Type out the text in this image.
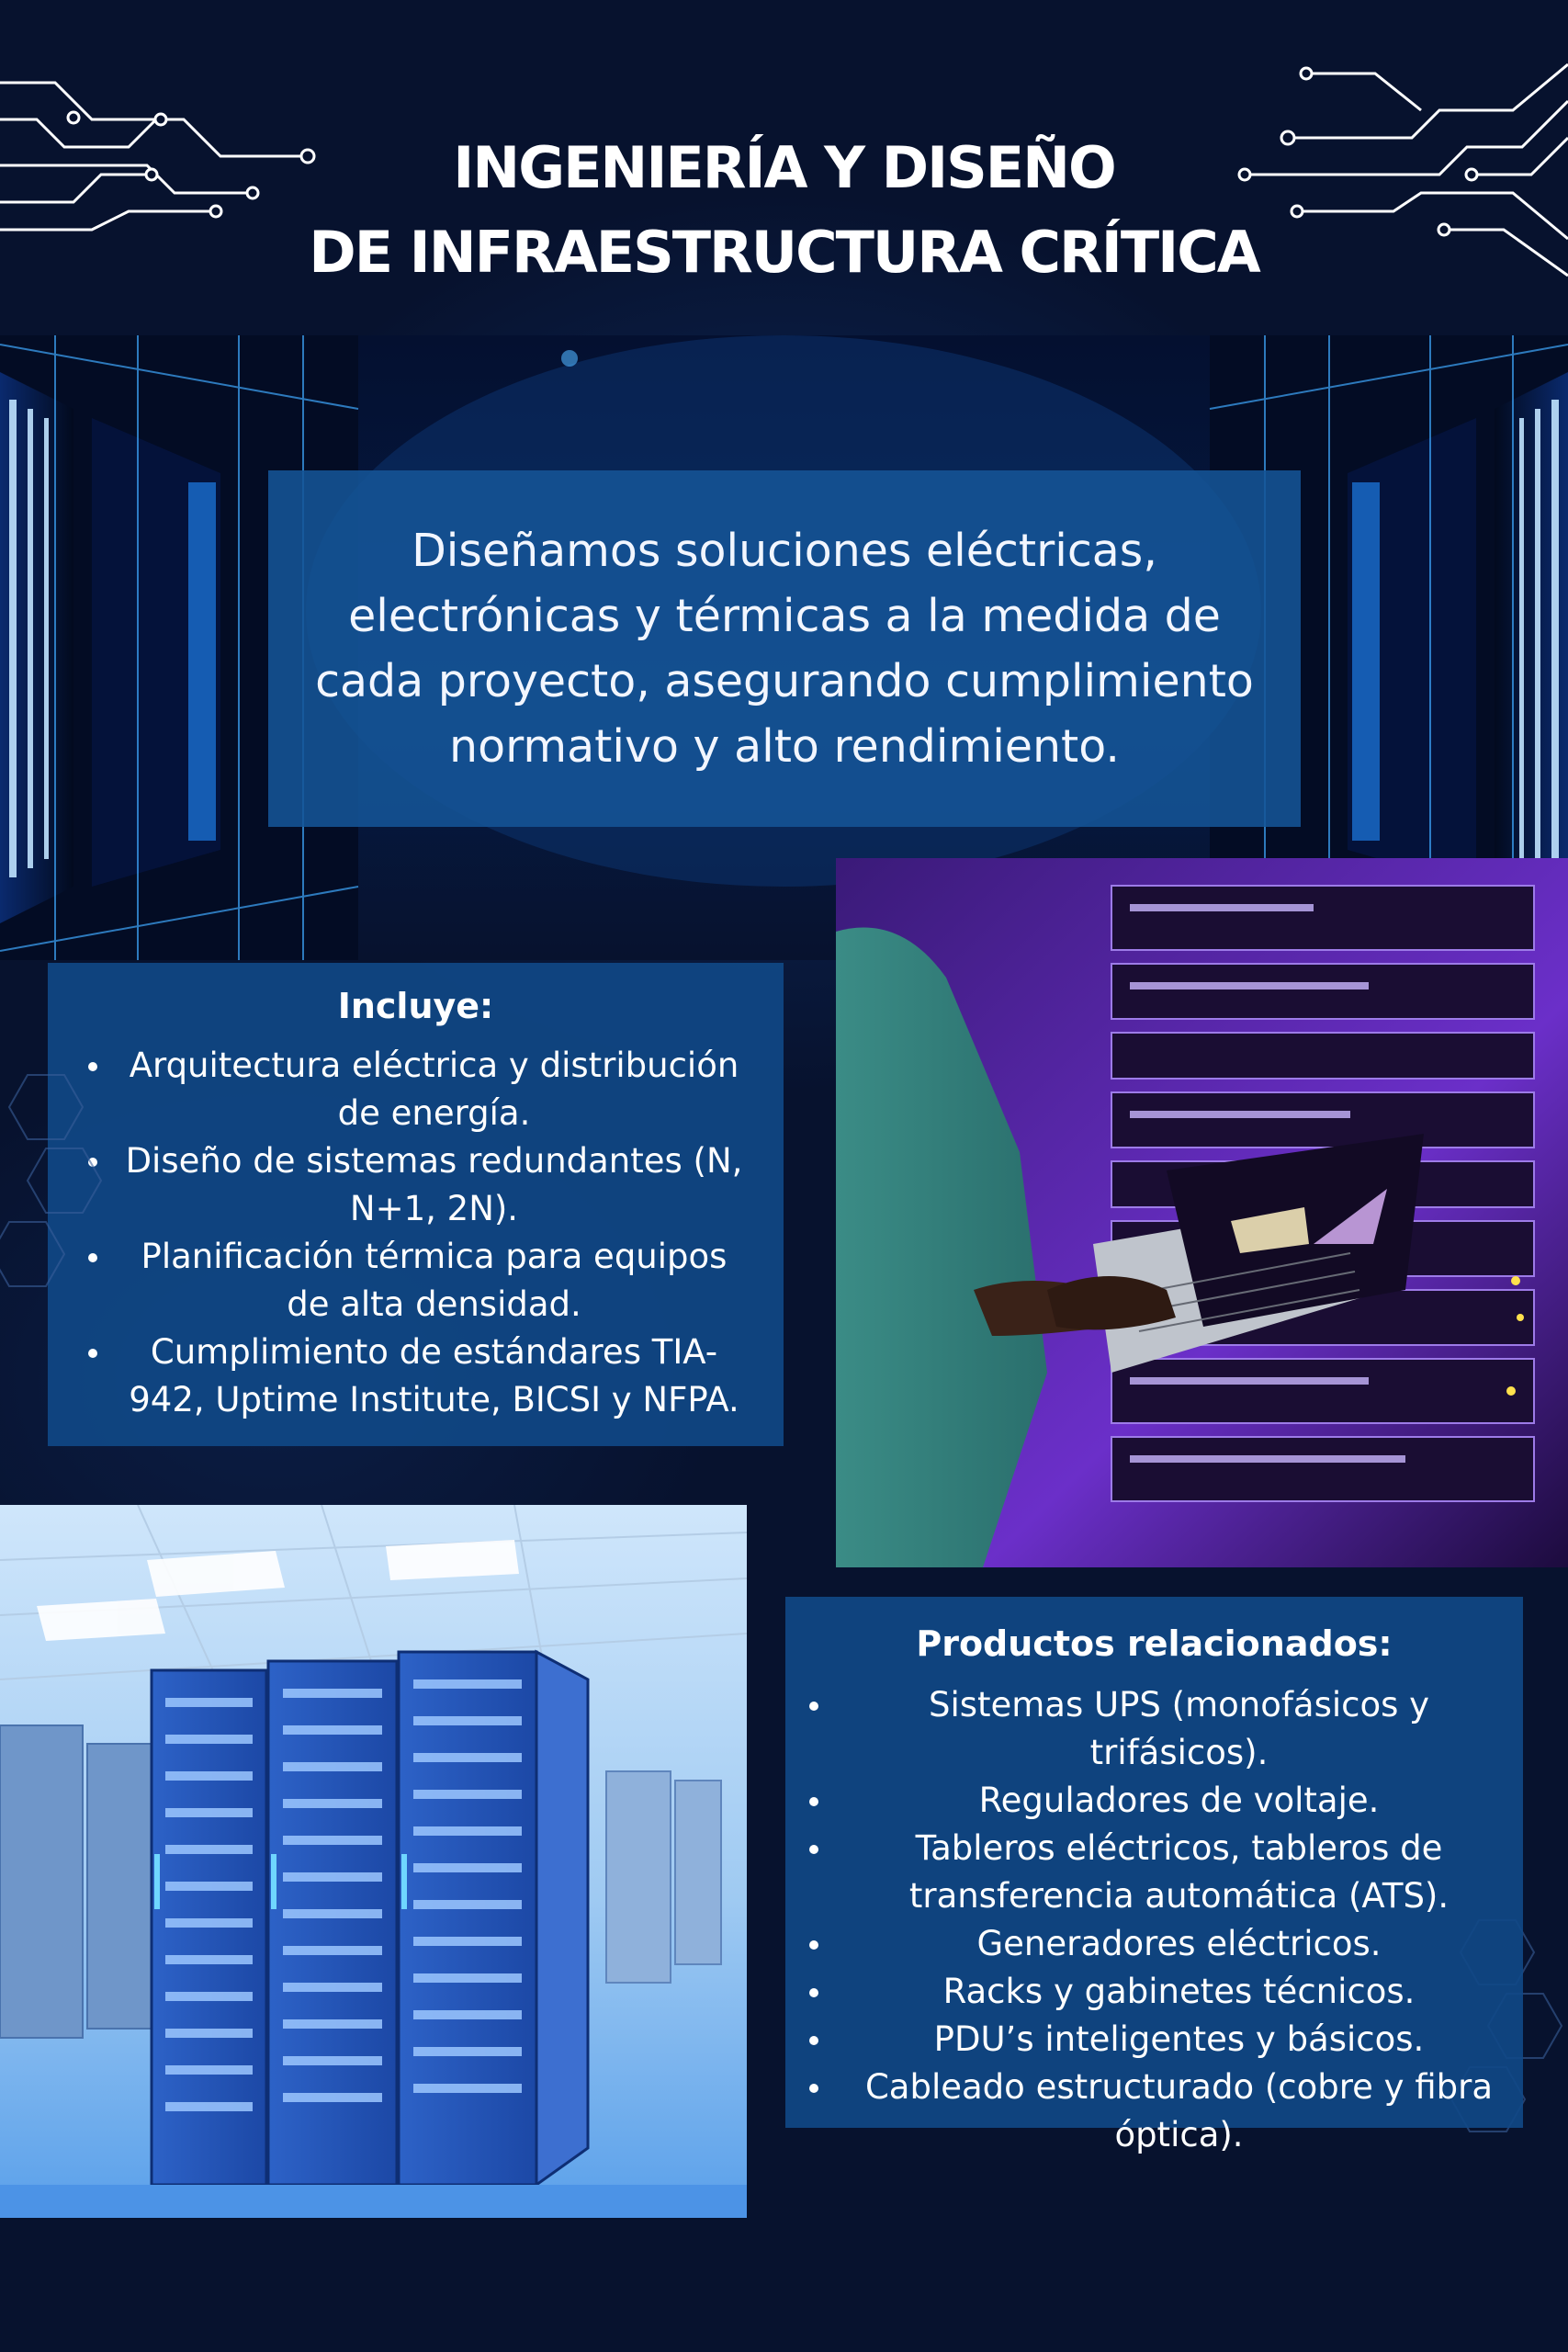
INGENIERÍA Y DISEÑO
DE INFRAESTRUCTURA CRÍTICA

Diseñamos soluciones eléctricas, electrónicas y térmicas a la medida de cada proyecto, asegurando cumplimiento normativo y alto rendimiento.

Incluye:
Arquitectura eléctrica y distribución de energía.
Diseño de sistemas redundantes (N, N+1, 2N).
Planificación térmica para equipos de alta densidad.
Cumplimiento de estándares TIA-942, Uptime Institute, BICSI y NFPA.
Productos relacionados:
Sistemas UPS (monofásicos y trifásicos).
Reguladores de voltaje.
Tableros eléctricos, tableros de transferencia automática (ATS).
Generadores eléctricos.
Racks y gabinetes técnicos.
PDU’s inteligentes y básicos.
Cableado estructurado (cobre y fibra óptica).
